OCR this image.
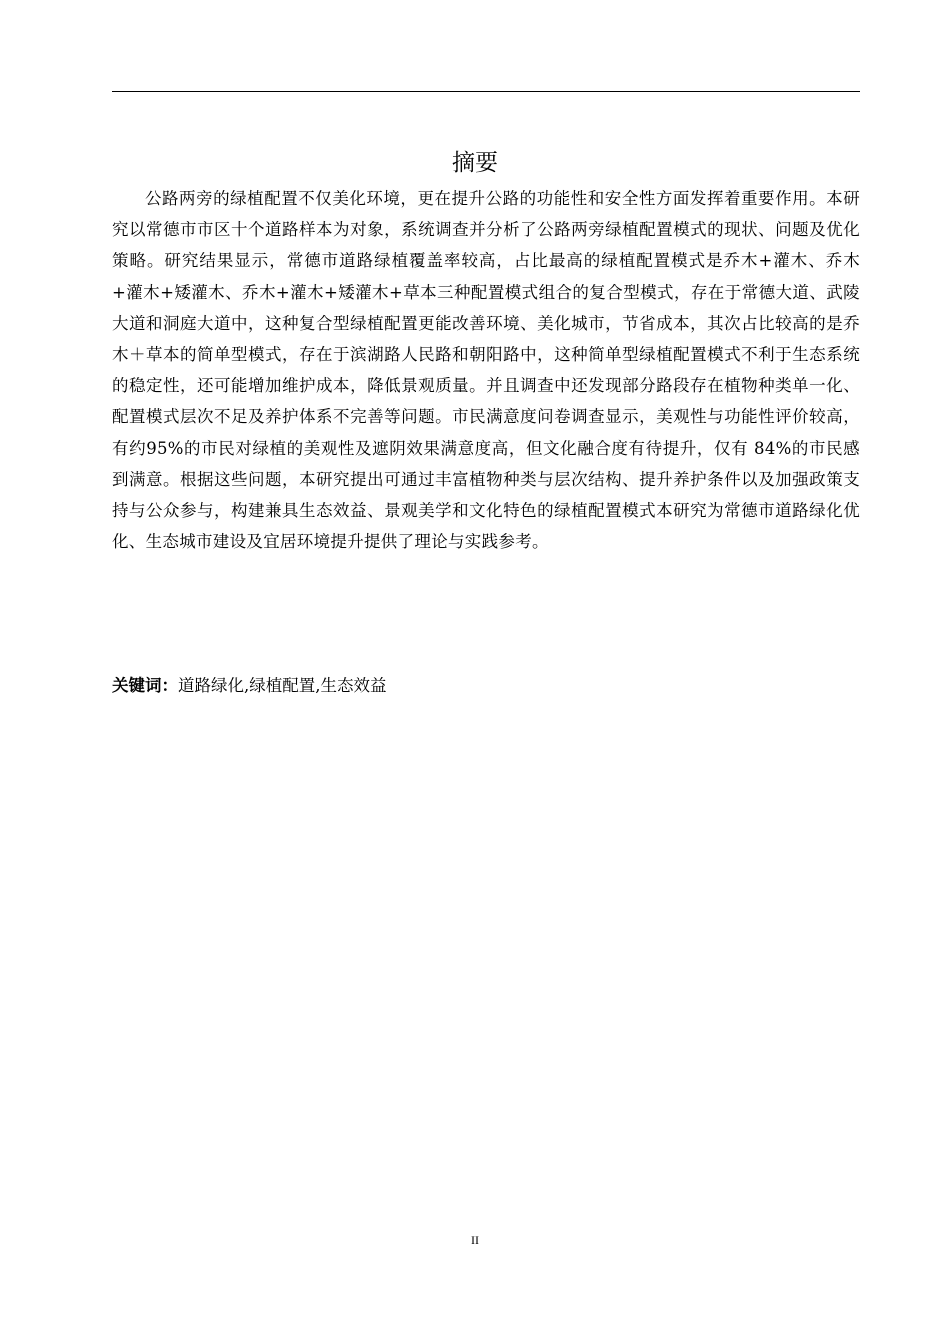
摘要

公路两旁的绿植配置不仅美化环境，更在提升公路的功能性和安全性方面发挥着重要作用。本研究以常德市市区十个道路样本为对象，系统调查并分析了公路两旁绿植配置模式的现状、问题及优化策略。研究结果显示，常德市道路绿植覆盖率较高，占比最高的绿植配置模式是乔木+灌木、乔木+灌木+矮灌木、乔木+灌木+矮灌木+草本三种配置模式组合的复合型模式，存在于常德大道、武陵大道和洞庭大道中，这种复合型绿植配置更能改善环境、美化城市，节省成本，其次占比较高的是乔木＋草本的简单型模式，存在于滨湖路人民路和朝阳路中，这种简单型绿植配置模式不利于生态系统的稳定性，还可能增加维护成本，降低景观质量。并且调查中还发现部分路段存在植物种类单一化、配置模式层次不足及养护体系不完善等问题。市民满意度问卷调查显示，美观性与功能性评价较高，有约95%的市民对绿植的美观性及遮阴效果满意度高，但文化融合度有待提升，仅有 84%的市民感到满意。根据这些问题，本研究提出可通过丰富植物种类与层次结构、提升养护条件以及加强政策支持与公众参与，构建兼具生态效益、景观美学和文化特色的绿植配置模式本研究为常德市道路绿化优化、生态城市建设及宜居环境提升提供了理论与实践参考。

关键词：道路绿化,绿植配置,生态效益
II
